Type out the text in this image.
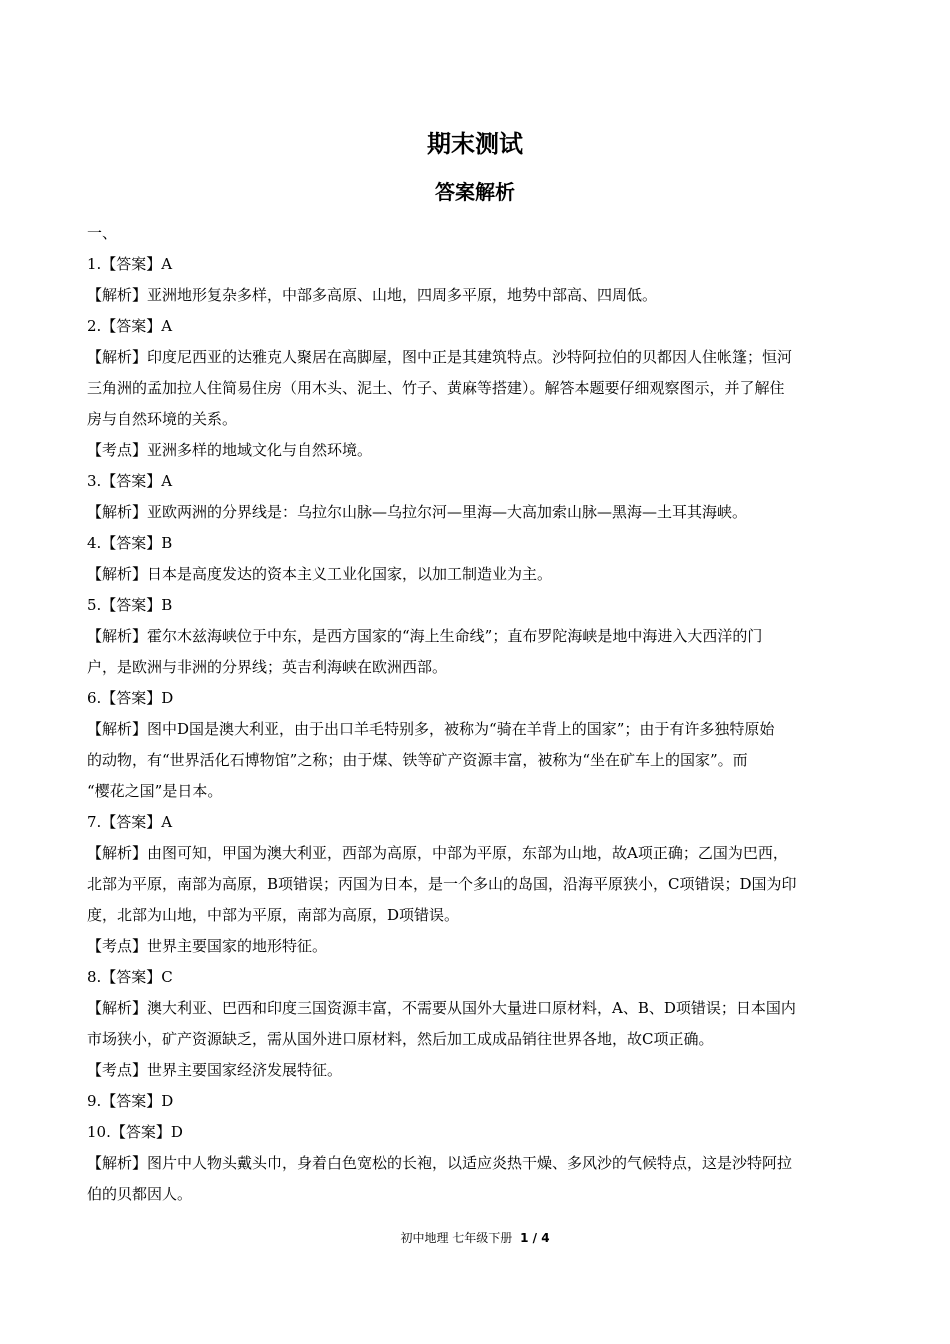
期末测试
答案解析
一、
1.【答案】A
【解析】亚洲地形复杂多样，中部多高原、山地，四周多平原，地势中部高、四周低。
2.【答案】A
【解析】印度尼西亚的达雅克人聚居在高脚屋，图中正是其建筑特点。沙特阿拉伯的贝都因人住帐篷；恒河
三角洲的孟加拉人住简易住房（用木头、泥土、竹子、黄麻等搭建）。解答本题要仔细观察图示，并了解住
房与自然环境的关系。
【考点】亚洲多样的地域文化与自然环境。
3.【答案】A
【解析】亚欧两洲的分界线是：乌拉尔山脉—乌拉尔河—里海—大高加索山脉—黑海—土耳其海峡。
4.【答案】B
【解析】日本是高度发达的资本主义工业化国家，以加工制造业为主。
5.【答案】B
【解析】霍尔木兹海峡位于中东，是西方国家的“海上生命线”；直布罗陀海峡是地中海进入大西洋的门
户，是欧洲与非洲的分界线；英吉利海峡在欧洲西部。
6.【答案】D
【解析】图中D国是澳大利亚，由于出口羊毛特别多，被称为“骑在羊背上的国家”；由于有许多独特原始
的动物，有“世界活化石博物馆”之称；由于煤、铁等矿产资源丰富，被称为“坐在矿车上的国家”。而
“樱花之国”是日本。
7.【答案】A
【解析】由图可知，甲国为澳大利亚，西部为高原，中部为平原，东部为山地，故A项正确；乙国为巴西，
北部为平原，南部为高原，B项错误；丙国为日本，是一个多山的岛国，沿海平原狭小，C项错误；D国为印
度，北部为山地，中部为平原，南部为高原，D项错误。
【考点】世界主要国家的地形特征。
8.【答案】C
【解析】澳大利亚、巴西和印度三国资源丰富，不需要从国外大量进口原材料，A、B、D项错误；日本国内
市场狭小，矿产资源缺乏，需从国外进口原材料，然后加工成成品销往世界各地，故C项正确。
【考点】世界主要国家经济发展特征。
9.【答案】D
10.【答案】D
【解析】图片中人物头戴头巾，身着白色宽松的长袍，以适应炎热干燥、多风沙的气候特点，这是沙特阿拉
伯的贝都因人。
初中地理 七年级下册 1 / 4
